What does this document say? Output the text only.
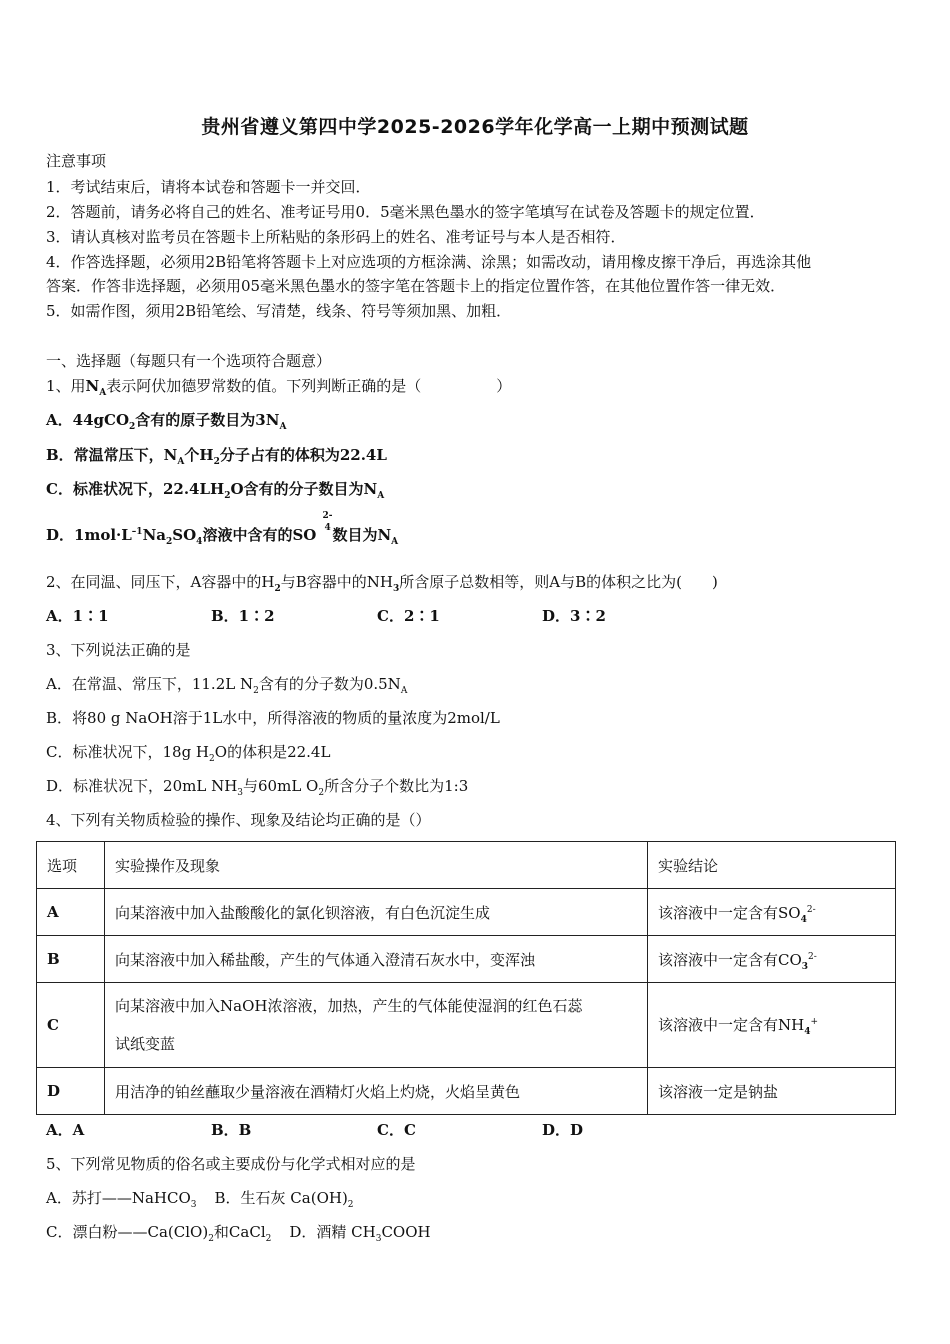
贵州省遵义第四中学2025-2026学年化学高一上期中预测试题
注意事项
1．考试结束后，请将本试卷和答题卡一并交回．
2．答题前，请务必将自己的姓名、准考证号用0．5毫米黑色墨水的签字笔填写在试卷及答题卡的规定位置．
3．请认真核对监考员在答题卡上所粘贴的条形码上的姓名、准考证号与本人是否相符．
4．作答选择题，必须用2B铅笔将答题卡上对应选项的方框涂满、涂黑；如需改动，请用橡皮擦干净后，再选涂其他
答案．作答非选择题，必须用05毫米黑色墨水的签字笔在答题卡上的指定位置作答，在其他位置作答一律无效．
5．如需作图，须用2B铅笔绘、写清楚，线条、符号等须加黑、加粗．
一、选择题（每题只有一个选项符合题意）
1、用$N_A$表示阿伏加德罗常数的值。下列判断正确的是（　　　　　）
A．44gCO$_2$含有的原子数目为$3N_A$
B．常温常压下，$N_A$个$H_2$分子占有的体积为22.4L
C．标准状况下，$22.4LH_2O$含有的分子数目为$N_A$
D．$1mol\cdot L^{-1}Na_2SO_4$溶液中含有的 SO
2-
4 数目为$N_A$
2、在同温、同压下，A容器中的$H_2$与B容器中的$NH_3$所含原子总数相等，则A与B的体积之比为(　　)
A．1∶1	B．1∶2	C．2∶1	D．3∶2
3、下列说法正确的是
A．在常温、常压下，11.2L $N_2$含有的分子数为$0.5N_A$
B．将80 g NaOH溶于1L水中，所得溶液的物质的量浓度为2mol/L
C．标准状况下，18g $H_2O$的体积是22.4L
D．标准状况下，20mL $NH_3$与60mL $O_2$所含分子个数比为1:3
4、下列有关物质检验的操作、现象及结论均正确的是（）
选项	实验操作及现象	实验结论
A	向某溶液中加入盐酸酸化的氯化钡溶液，有白色沉淀生成	该溶液中一定含有$SO_4^{2-}$
B	向某溶液中加入稀盐酸，产生的气体通入澄清石灰水中，变浑浊	该溶液中一定含有$CO_3^{2-}$
C	向某溶液中加入NaOH浓溶液，加热，产生的气体能使湿润的红色石蕊
试纸变蓝	该溶液中一定含有$NH_4^+$
D	用洁净的铂丝蘸取少量溶液在酒精灯火焰上灼烧，火焰呈黄色	该溶液一定是钠盐
A．A	B．B	C．C	D．D
5、下列常见物质的俗名或主要成份与化学式相对应的是
A．苏打——NaHCO$_3$ B．生石灰 $Ca(OH)_2$
C．漂白粉$——Ca(ClO)_2$和CaCl$_2$ D．酒精 $CH_3COOH$
